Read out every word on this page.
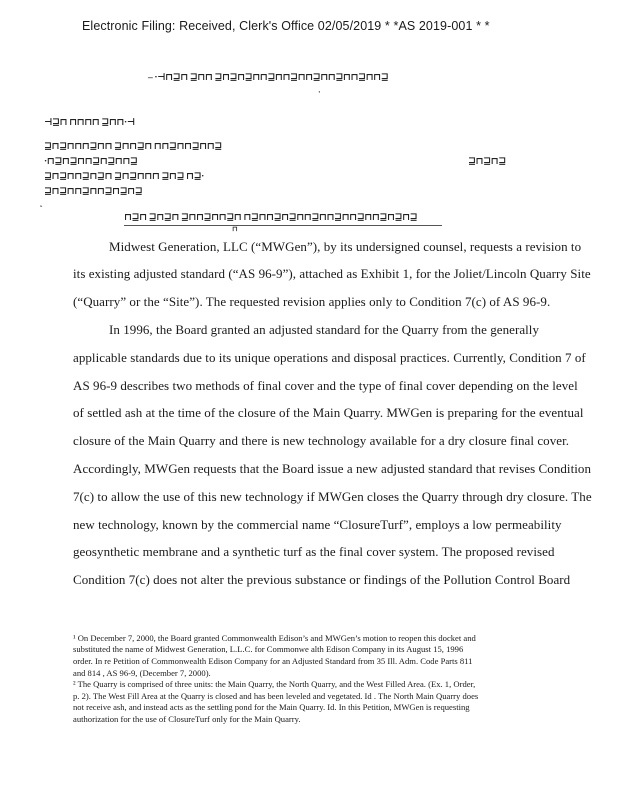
Electronic Filing: Received, Clerk's Office 02/05/2019 * *AS 2019-001 * *
– ·⊣⊓⊒⊓ ⊒⊓⊓ ⊒⊓⊒⊓⊒⊓⊓⊒⊓⊓⊒⊓⊓⊒⊓⊓⊒⊓⊓⊒⊓⊓⊒
˙
⊣⊒⊓ ⊓⊓⊓⊓ ⊒⊓⊓·⊣
⊒⊓⊒⊓⊓⊓⊒⊓⊓ ⊒⊓⊓⊒⊓ ⊓⊓⊒⊓⊓⊒⊓⊓⊒
·⊓⊒⊓⊒⊓⊓⊒⊓⊒⊓⊓⊒
⊒⊓⊒⊓⊓⊒⊓⊒⊓ ⊒⊓⊒⊓⊓⊓ ⊒⊓⊒ ⊓⊒·
⊒⊓⊒⊓⊓⊒⊓⊓⊒⊓⊒⊓⊒
˛
⊒⊓⊒⊓⊒
⊓⊒⊓ ⊒⊓⊒⊓ ⊒⊓⊓⊒⊓⊓⊒⊓ ⊓⊒⊓⊓⊒⊓⊒⊓⊓⊒⊓⊓⊒⊓⊓⊒⊓⊓⊒⊓⊒⊓⊒
⊓
Midwest Generation, LLC (“MWGen”), by its undersigned counsel, requests a revision to
its existing adjusted standard (“AS 96-9”), attached as Exhibit 1, for the Joliet/Lincoln Quarry Site
(“Quarry” or the “Site”). The requested revision applies only to Condition 7(c) of AS 96-9.
In 1996, the Board granted an adjusted standard for the Quarry from the generally
applicable standards due to its unique operations and disposal practices. Currently, Condition 7 of
AS 96-9 describes two methods of final cover and the type of final cover depending on the level
of settled ash at the time of the closure of the Main Quarry. MWGen is preparing for the eventual
closure of the Main Quarry and there is new technology available for a dry closure final cover.
Accordingly, MWGen requests that the Board issue a new adjusted standard that revises Condition
7(c) to allow the use of this new technology if MWGen closes the Quarry through dry closure. The
new technology, known by the commercial name “ClosureTurf”, employs a low permeability
geosynthetic membrane and a synthetic turf as the final cover system. The proposed revised
Condition 7(c) does not alter the previous substance or findings of the Pollution Control Board
¹ On December 7, 2000, the Board granted Commonwealth Edison’s and MWGen’s motion to reopen this docket and
substituted the name of Midwest Generation, L.L.C. for Commonwe alth Edison Company in its August 15, 1996
order. In re Petition of Commonwealth Edison Company for an Adjusted Standard from 35 Ill. Adm. Code Parts 811
and 814 , AS 96-9, (December 7, 2000).
² The Quarry is comprised of three units: the Main Quarry, the North Quarry, and the West Filled Area. (Ex. 1, Order,
p. 2). The West Fill Area at the Quarry is closed and has been leveled and vegetated. Id . The North Main Quarry does
not receive ash, and instead acts as the settling pond for the Main Quarry. Id. In this Petition, MWGen is requesting
authorization for the use of ClosureTurf only for the Main Quarry.
